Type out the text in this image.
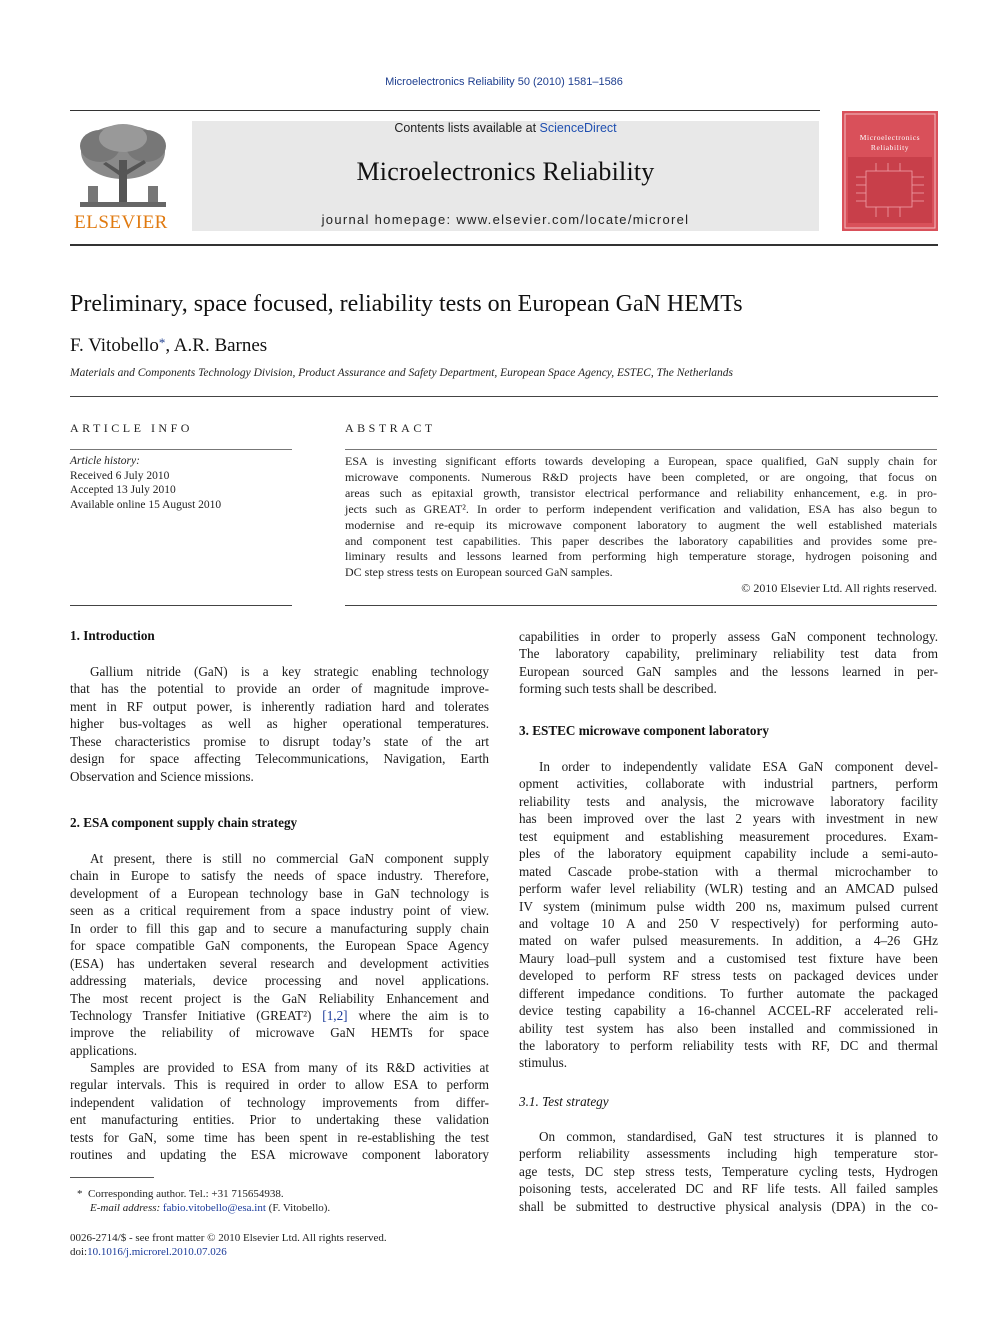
Microelectronics Reliability 50 (2010) 1581–1586
ELSEVIER
Contents lists available at ScienceDirect
Microelectronics Reliability
journal homepage: www.elsevier.com/locate/microrel
Microelectronics
Reliability
Preliminary, space focused, reliability tests on European GaN HEMTs
F. Vitobello*, A.R. Barnes
Materials and Components Technology Division, Product Assurance and Safety Department, European Space Agency, ESTEC, The Netherlands
ARTICLE INFO
Article history:
Received 6 July 2010
Accepted 13 July 2010
Available online 15 August 2010
ABSTRACT
ESA is investing significant efforts towards developing a European, space qualified, GaN supply chain for
microwave components. Numerous R&D projects have been completed, or are ongoing, that focus on
areas such as epitaxial growth, transistor electrical performance and reliability enhancement, e.g. in pro-
jects such as GREAT². In order to perform independent verification and validation, ESA has also begun to
modernise and re-equip its microwave component laboratory to augment the well established materials
and component test capabilities. This paper describes the laboratory capabilities and provides some pre-
liminary results and lessons learned from performing high temperature storage, hydrogen poisoning and
DC step stress tests on European sourced GaN samples.
© 2010 Elsevier Ltd. All rights reserved.
1. Introduction
Gallium nitride (GaN) is a key strategic enabling technology
that has the potential to provide an order of magnitude improve-
ment in RF output power, is inherently radiation hard and tolerates
higher bus-voltages as well as higher operational temperatures.
These characteristics promise to disrupt today’s state of the art
design for space affecting Telecommunications, Navigation, Earth
Observation and Science missions.
2. ESA component supply chain strategy
At present, there is still no commercial GaN component supply
chain in Europe to satisfy the needs of space industry. Therefore,
development of a European technology base in GaN technology is
seen as a critical requirement from a space industry point of view.
In order to fill this gap and to secure a manufacturing supply chain
for space compatible GaN components, the European Space Agency
(ESA) has undertaken several research and development activities
addressing materials, device processing and novel applications.
The most recent project is the GaN Reliability Enhancement and
Technology Transfer Initiative (GREAT²) [1,2] where the aim is to
improve the reliability of microwave GaN HEMTs for space
applications.
Samples are provided to ESA from many of its R&D activities at
regular intervals. This is required in order to allow ESA to perform
independent validation of technology improvements from differ-
ent manufacturing entities. Prior to undertaking these validation
tests for GaN, some time has been spent in re-establishing the test
routines and updating the ESA microwave component laboratory
* Corresponding author. Tel.: +31 715654938.
E-mail address: fabio.vitobello@esa.int (F. Vitobello).
0026-2714/$ - see front matter © 2010 Elsevier Ltd. All rights reserved.
doi:10.1016/j.microrel.2010.07.026
capabilities in order to properly assess GaN component technology.
The laboratory capability, preliminary reliability test data from
European sourced GaN samples and the lessons learned in per-
forming such tests shall be described.
3. ESTEC microwave component laboratory
In order to independently validate ESA GaN component devel-
opment activities, collaborate with industrial partners, perform
reliability tests and analysis, the microwave laboratory facility
has been improved over the last 2 years with investment in new
test equipment and establishing measurement procedures. Exam-
ples of the laboratory equipment capability include a semi-auto-
mated Cascade probe-station with a thermal microchamber to
perform wafer level reliability (WLR) testing and an AMCAD pulsed
IV system (minimum pulse width 200 ns, maximum pulsed current
and voltage 10 A and 250 V respectively) for performing auto-
mated on wafer pulsed measurements. In addition, a 4–26 GHz
Maury load–pull system and a customised test fixture have been
developed to perform RF stress tests on packaged devices under
different impedance conditions. To further automate the packaged
device testing capability a 16-channel ACCEL-RF accelerated reli-
ability test system has also been installed and commissioned in
the laboratory to perform reliability tests with RF, DC and thermal
stimulus.
3.1. Test strategy
On common, standardised, GaN test structures it is planned to
perform reliability assessments including high temperature stor-
age tests, DC step stress tests, Temperature cycling tests, Hydrogen
poisoning tests, accelerated DC and RF life tests. All failed samples
shall be submitted to destructive physical analysis (DPA) in the co-
